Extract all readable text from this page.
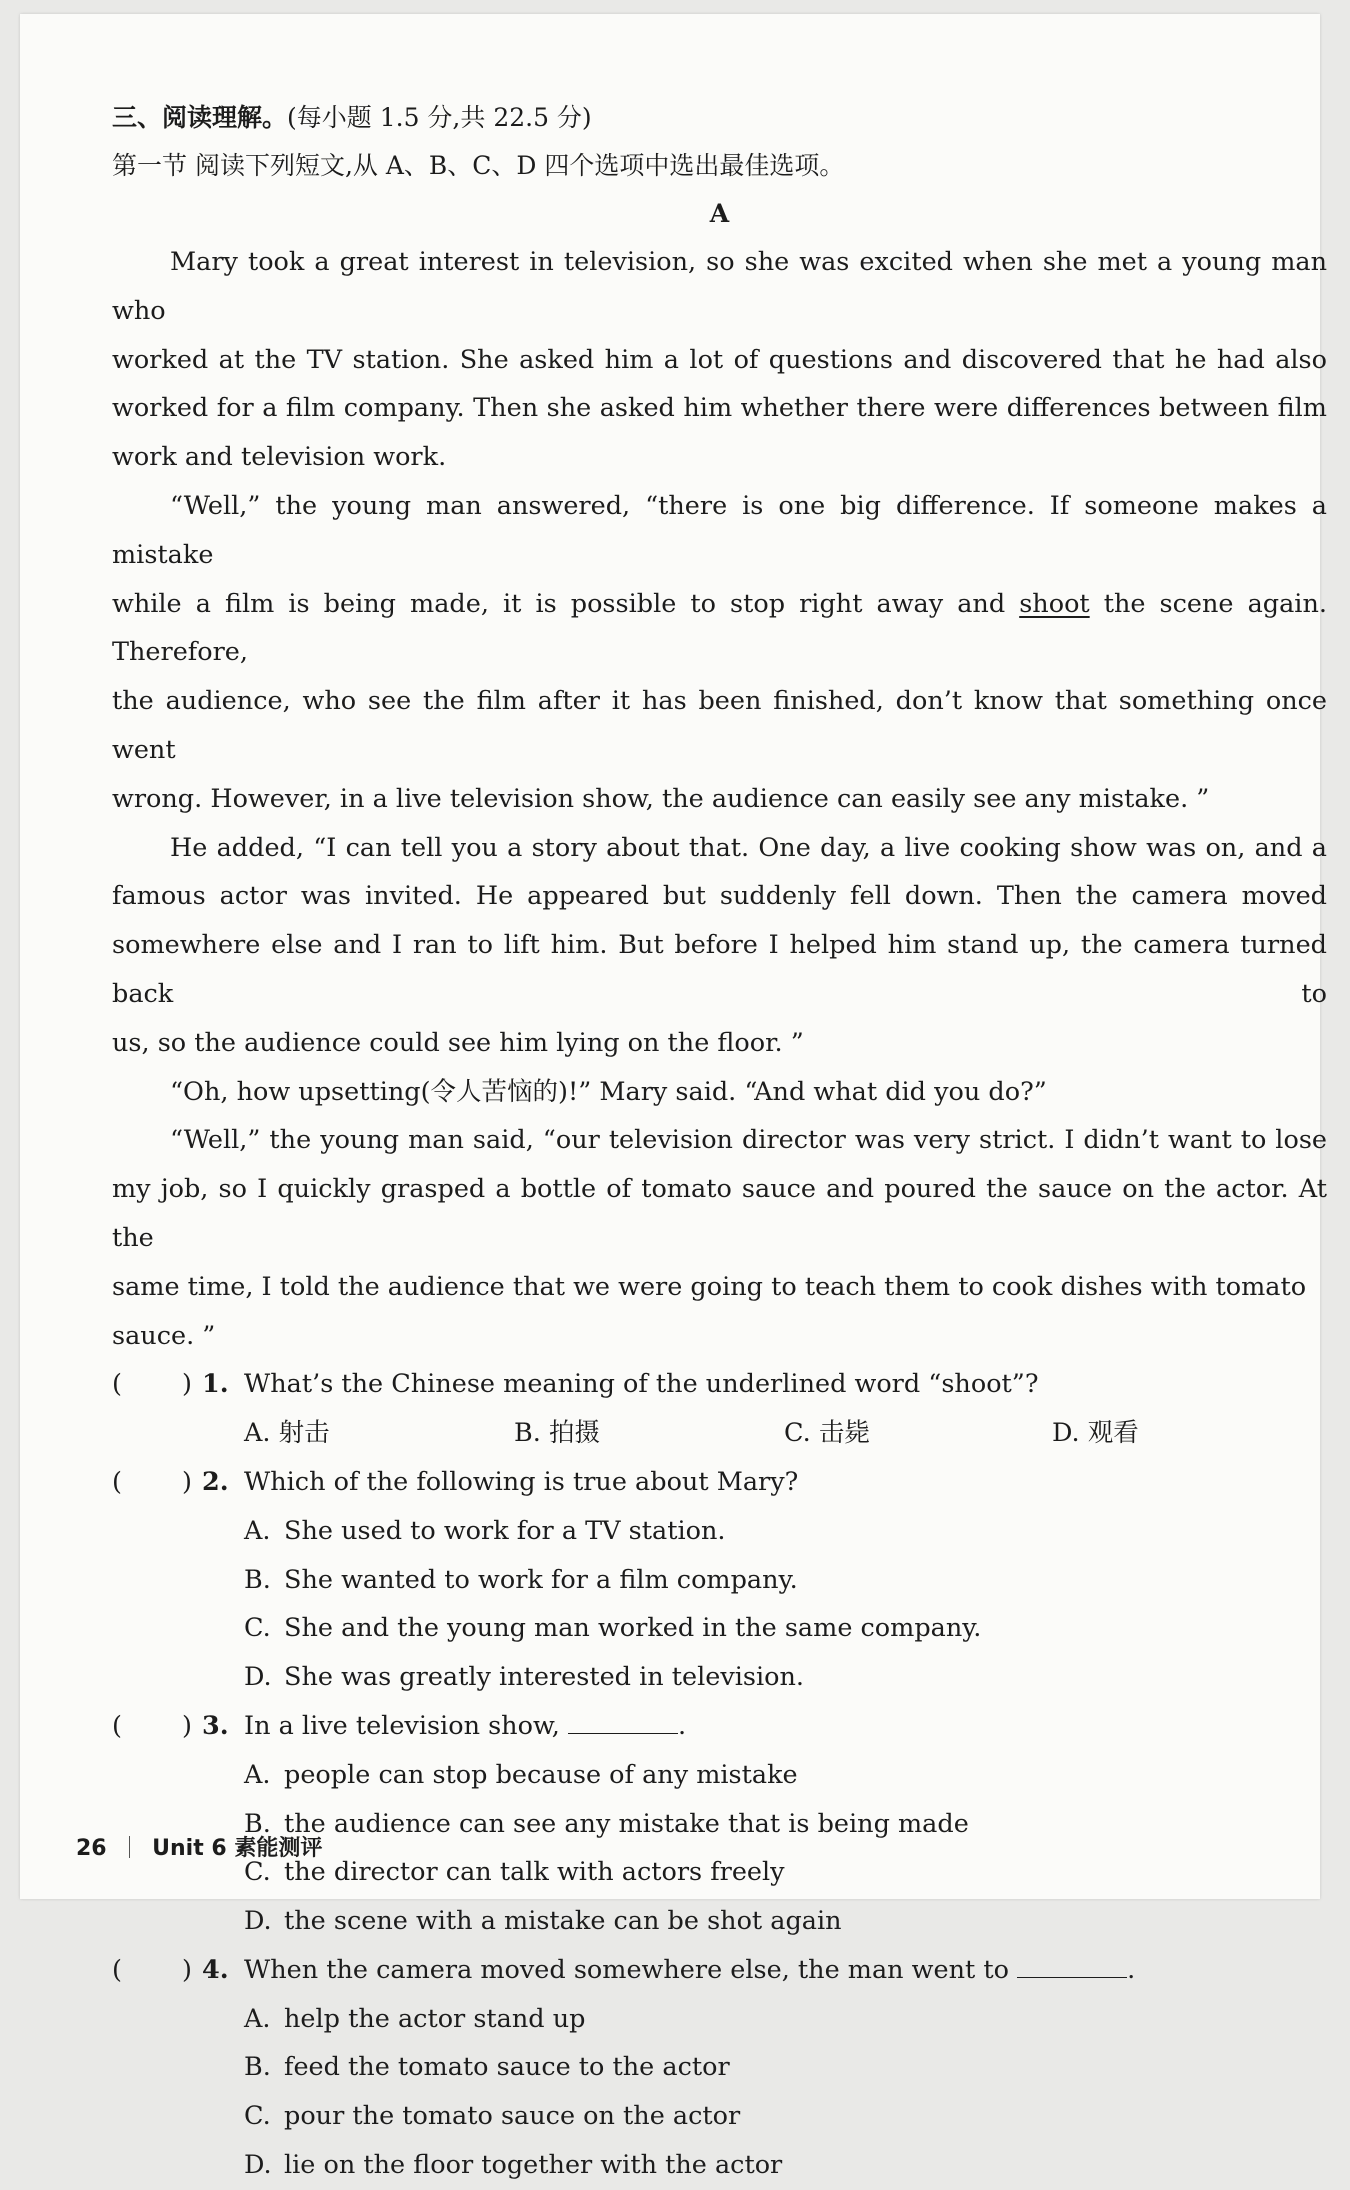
三、阅读理解。(每小题 1.5 分,共 22.5 分)
第一节 阅读下列短文,从 A、B、C、D 四个选项中选出最佳选项。
A
Mary took a great interest in television, so she was excited when she met a young man who
worked at the TV station. She asked him a lot of questions and discovered that he had also
worked for a film company. Then she asked him whether there were differences between film
work and television work.
“Well,” the young man answered, “there is one big difference. If someone makes a mistake
while a film is being made, it is possible to stop right away and shoot the scene again. Therefore,
the audience, who see the film after it has been finished, don’t know that something once went
wrong. However, in a live television show, the audience can easily see any mistake. ”
He added, “I can tell you a story about that. One day, a live cooking show was on, and a
famous actor was invited. He appeared but suddenly fell down. Then the camera moved
somewhere else and I ran to lift him. But before I helped him stand up, the camera turned back to
us, so the audience could see him lying on the floor. ”
“Oh, how upsetting(令人苦恼的)!” Mary said. “And what did you do?”
“Well,” the young man said, “our television director was very strict. I didn’t want to lose
my job, so I quickly grasped a bottle of tomato sauce and poured the sauce on the actor. At the
same time, I told the audience that we were going to teach them to cook dishes with tomato sauce. ”
( ) 1. What’s the Chinese meaning of the underlined word “shoot”?
A. 射击	B. 拍摄	C. 击毙	D. 观看
( ) 2. Which of the following is true about Mary?
A. She used to work for a TV station.
B. She wanted to work for a film company.
C. She and the young man worked in the same company.
D. She was greatly interested in television.
( ) 3. In a live television show,	.
A. people can stop because of any mistake
B. the audience can see any mistake that is being made
C. the director can talk with actors freely
D. the scene with a mistake can be shot again
( ) 4. When the camera moved somewhere else, the man went to	.
A. help the actor stand up
B. feed the tomato sauce to the actor
C. pour the tomato sauce on the actor
D. lie on the floor together with the actor
26 Unit 6 素能测评
